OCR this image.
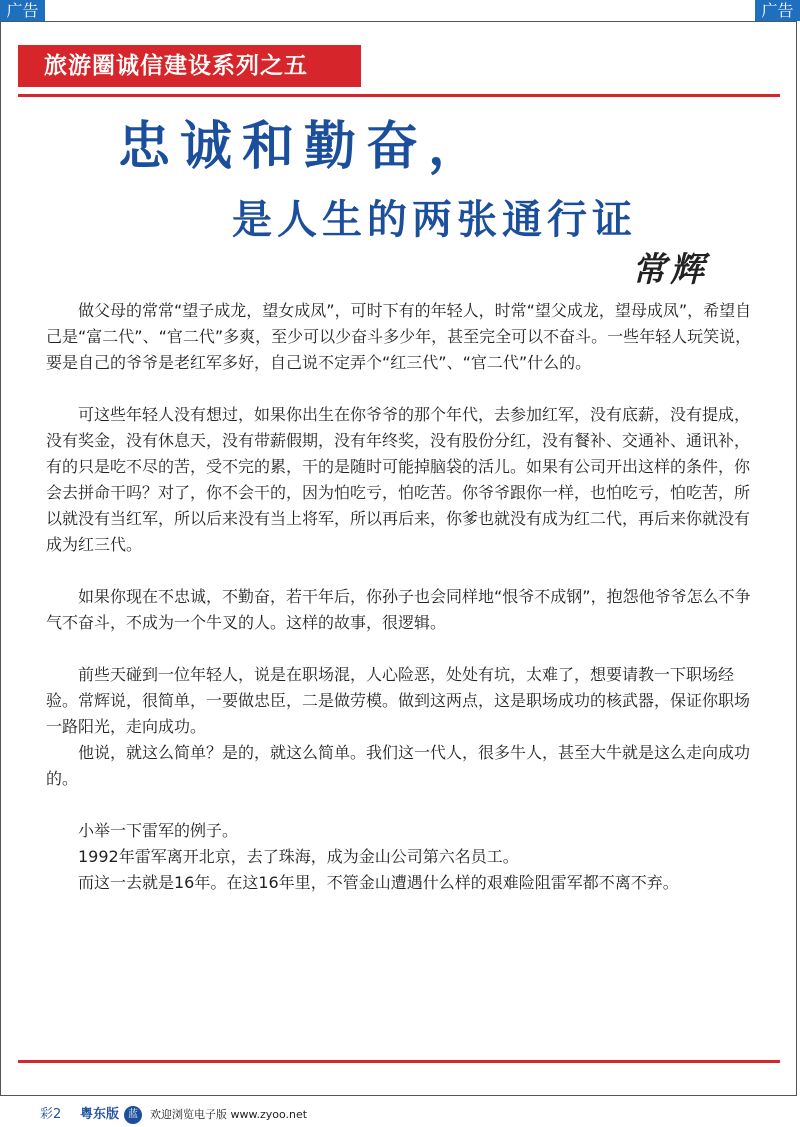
广告	广告
旅游圈诚信建设系列之五
忠诚和勤奋，
是人生的两张通行证
常辉

做父母的常常“望子成龙，望女成凤”，可时下有的年轻人，时常“望父成龙，望母成凤”，希望自己是“富二代”、“官二代”多爽，至少可以少奋斗多少年，甚至完全可以不奋斗。一些年轻人玩笑说，要是自己的爷爷是老红军多好，自己说不定弄个“红三代”、“官二代”什么的。

可这些年轻人没有想过，如果你出生在你爷爷的那个年代，去参加红军，没有底薪，没有提成，没有奖金，没有休息天，没有带薪假期，没有年终奖，没有股份分红，没有餐补、交通补、通讯补，有的只是吃不尽的苦，受不完的累，干的是随时可能掉脑袋的活儿。如果有公司开出这样的条件，你会去拼命干吗？对了，你不会干的，因为怕吃亏，怕吃苦。你爷爷跟你一样，也怕吃亏，怕吃苦，所以就没有当红军，所以后来没有当上将军，所以再后来，你爹也就没有成为红二代，再后来你就没有成为红三代。

如果你现在不忠诚，不勤奋，若干年后，你孙子也会同样地“恨爷不成钢”，抱怨他爷爷怎么不争气不奋斗，不成为一个牛叉的人。这样的故事，很逻辑。

前些天碰到一位年轻人，说是在职场混，人心险恶，处处有坑，太难了，想要请教一下职场经验。常辉说，很简单，一要做忠臣，二是做劳模。做到这两点，这是职场成功的核武器，保证你职场一路阳光，走向成功。

他说，就这么简单？是的，就这么简单。我们这一代人，很多牛人，甚至大牛就是这么走向成功的。

小举一下雷军的例子。

1992年雷军离开北京，去了珠海，成为金山公司第六名员工。

而这一去就是16年。在这16年里，不管金山遭遇什么样的艰难险阻雷军都不离不弃。

彩2 粤东版 蓝	欢迎浏览电子版 www.zyoo.net
